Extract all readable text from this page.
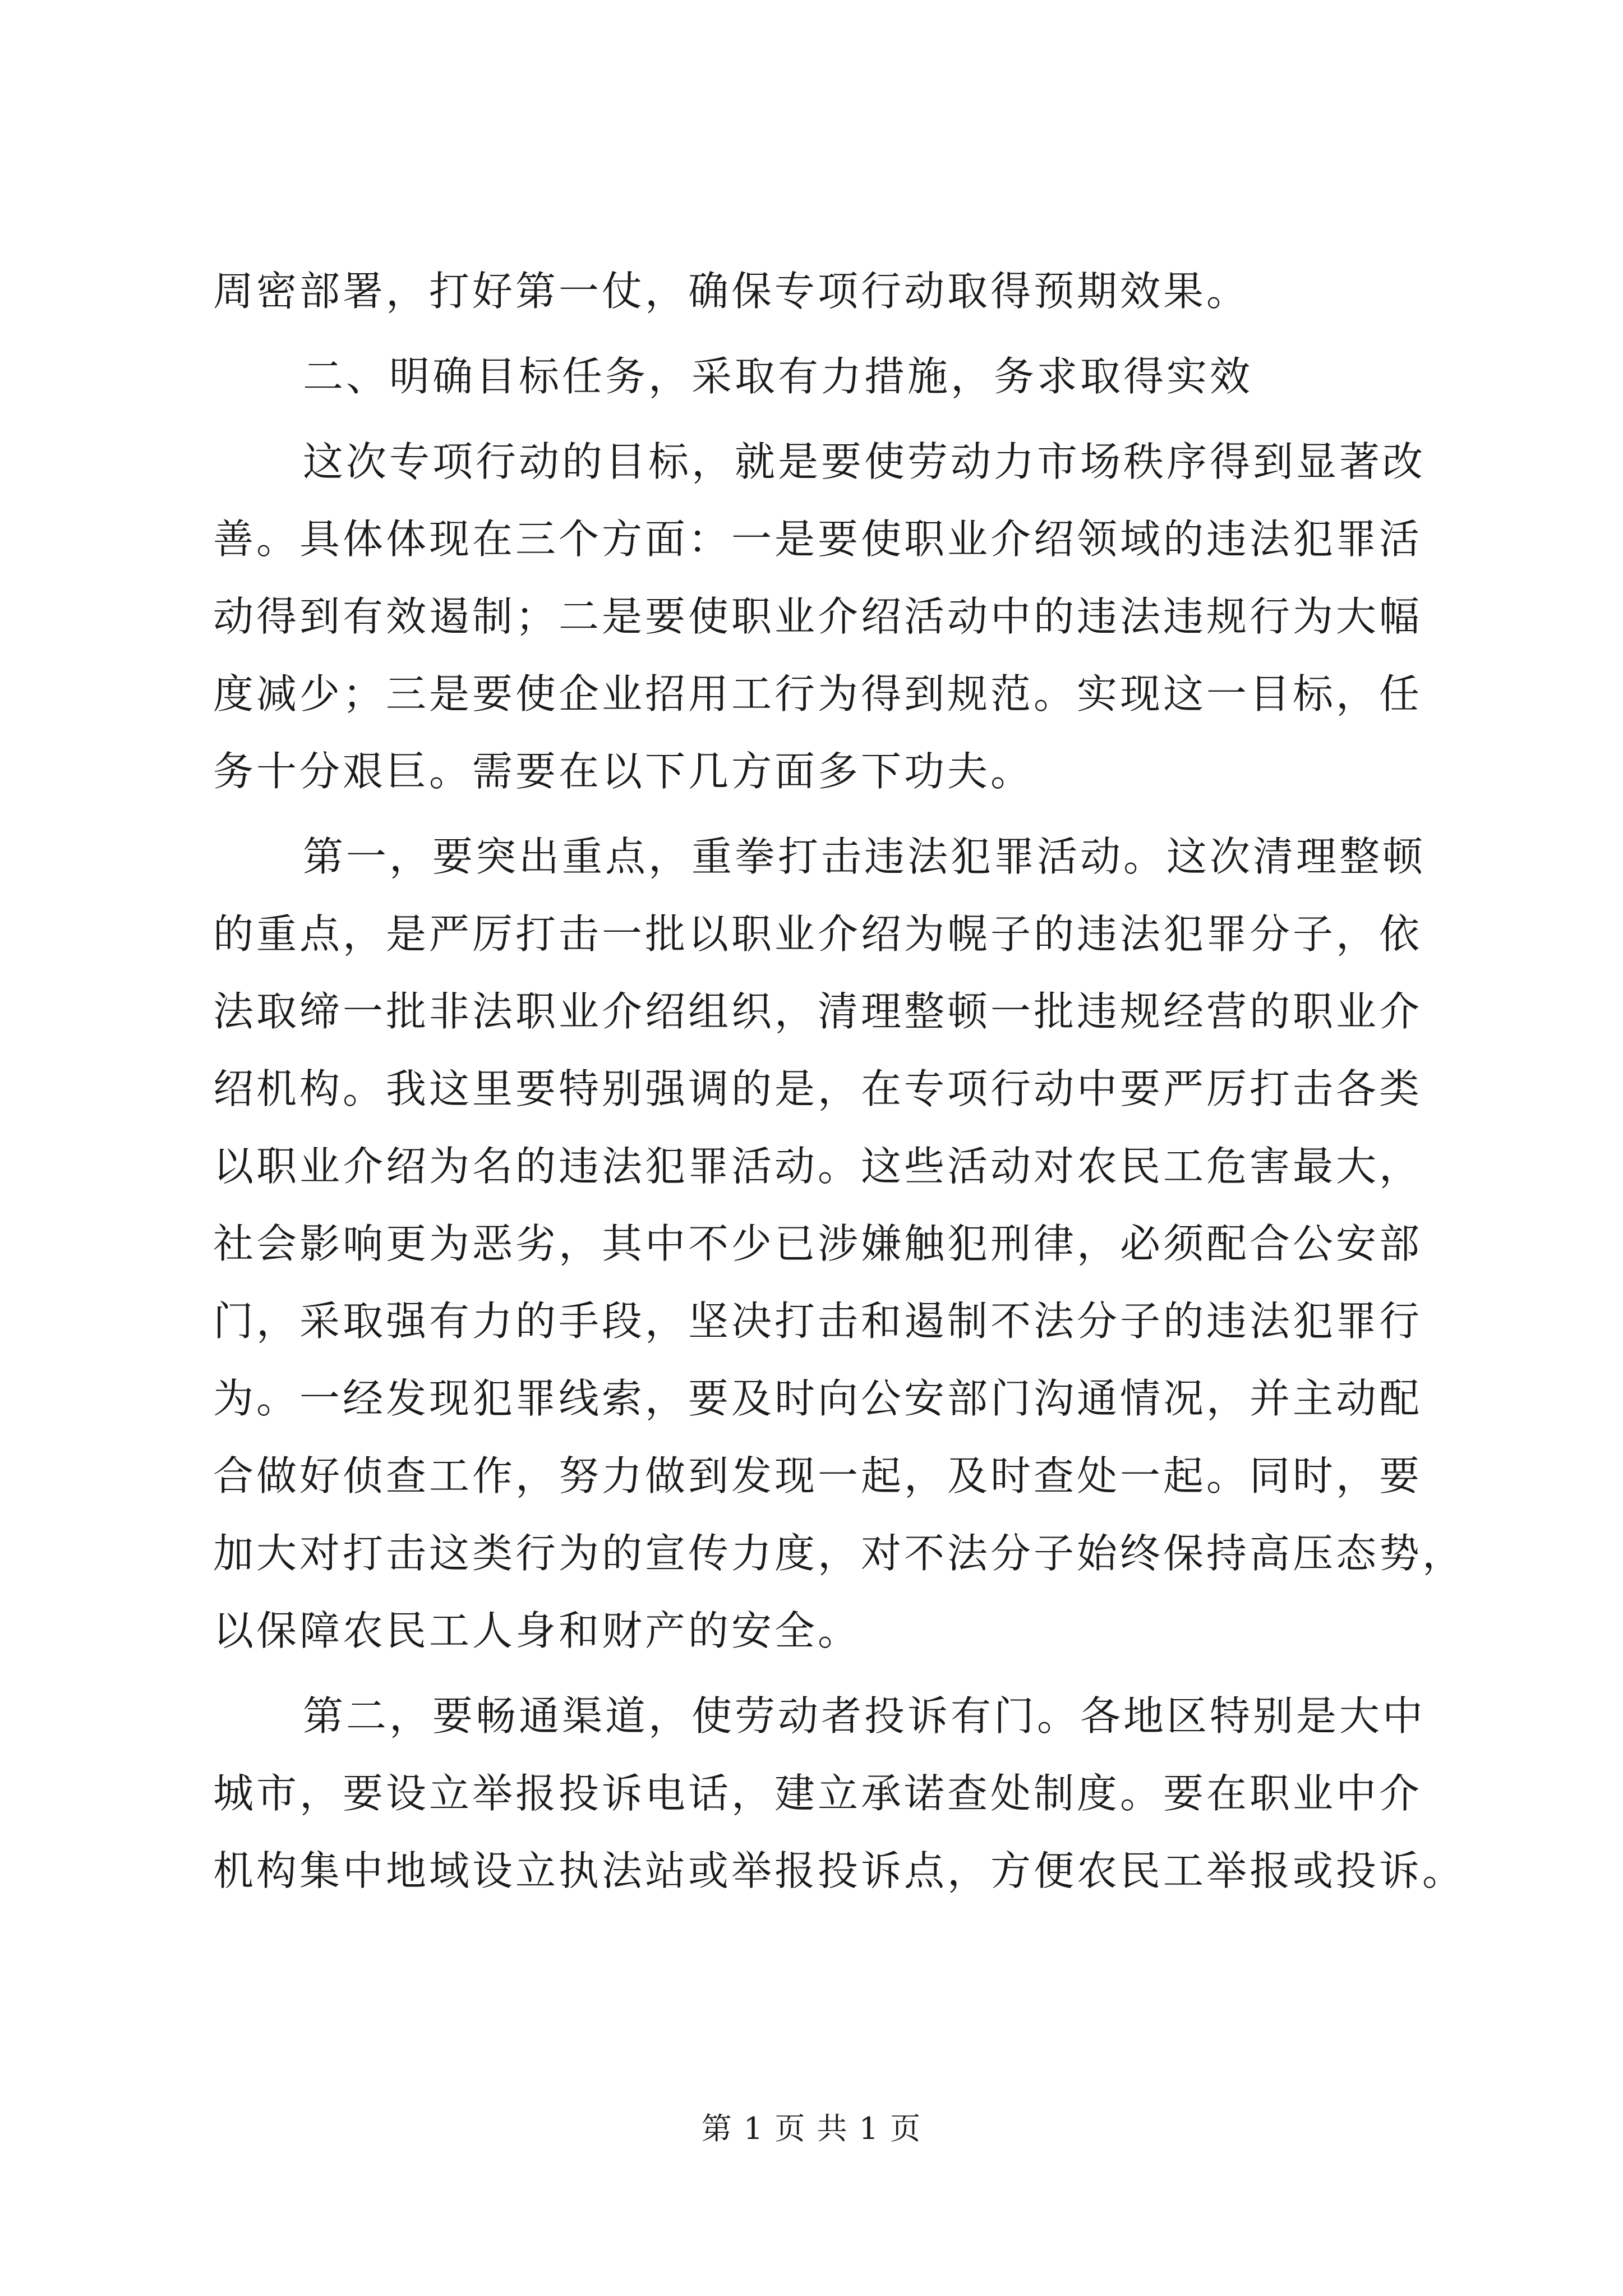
周密部署，打好第一仗，确保专项行动取得预期效果。
二、明确目标任务，采取有力措施，务求取得实效
这次专项行动的目标，就是要使劳动力市场秩序得到显著改
善。具体体现在三个方面：一是要使职业介绍领域的违法犯罪活
动得到有效遏制；二是要使职业介绍活动中的违法违规行为大幅
度减少；三是要使企业招用工行为得到规范。实现这一目标，任
务十分艰巨。需要在以下几方面多下功夫。
第一，要突出重点，重拳打击违法犯罪活动。这次清理整顿
的重点，是严厉打击一批以职业介绍为幌子的违法犯罪分子，依
法取缔一批非法职业介绍组织，清理整顿一批违规经营的职业介
绍机构。我这里要特别强调的是，在专项行动中要严厉打击各类
以职业介绍为名的违法犯罪活动。这些活动对农民工危害最大，
社会影响更为恶劣，其中不少已涉嫌触犯刑律，必须配合公安部
门，采取强有力的手段，坚决打击和遏制不法分子的违法犯罪行
为。一经发现犯罪线索，要及时向公安部门沟通情况，并主动配
合做好侦查工作，努力做到发现一起，及时查处一起。同时，要
加大对打击这类行为的宣传力度，对不法分子始终保持高压态势，
以保障农民工人身和财产的安全。
第二，要畅通渠道，使劳动者投诉有门。各地区特别是大中
城市，要设立举报投诉电话，建立承诺查处制度。要在职业中介
机构集中地域设立执法站或举报投诉点，方便农民工举报或投诉。
第 1 页 共 1 页
